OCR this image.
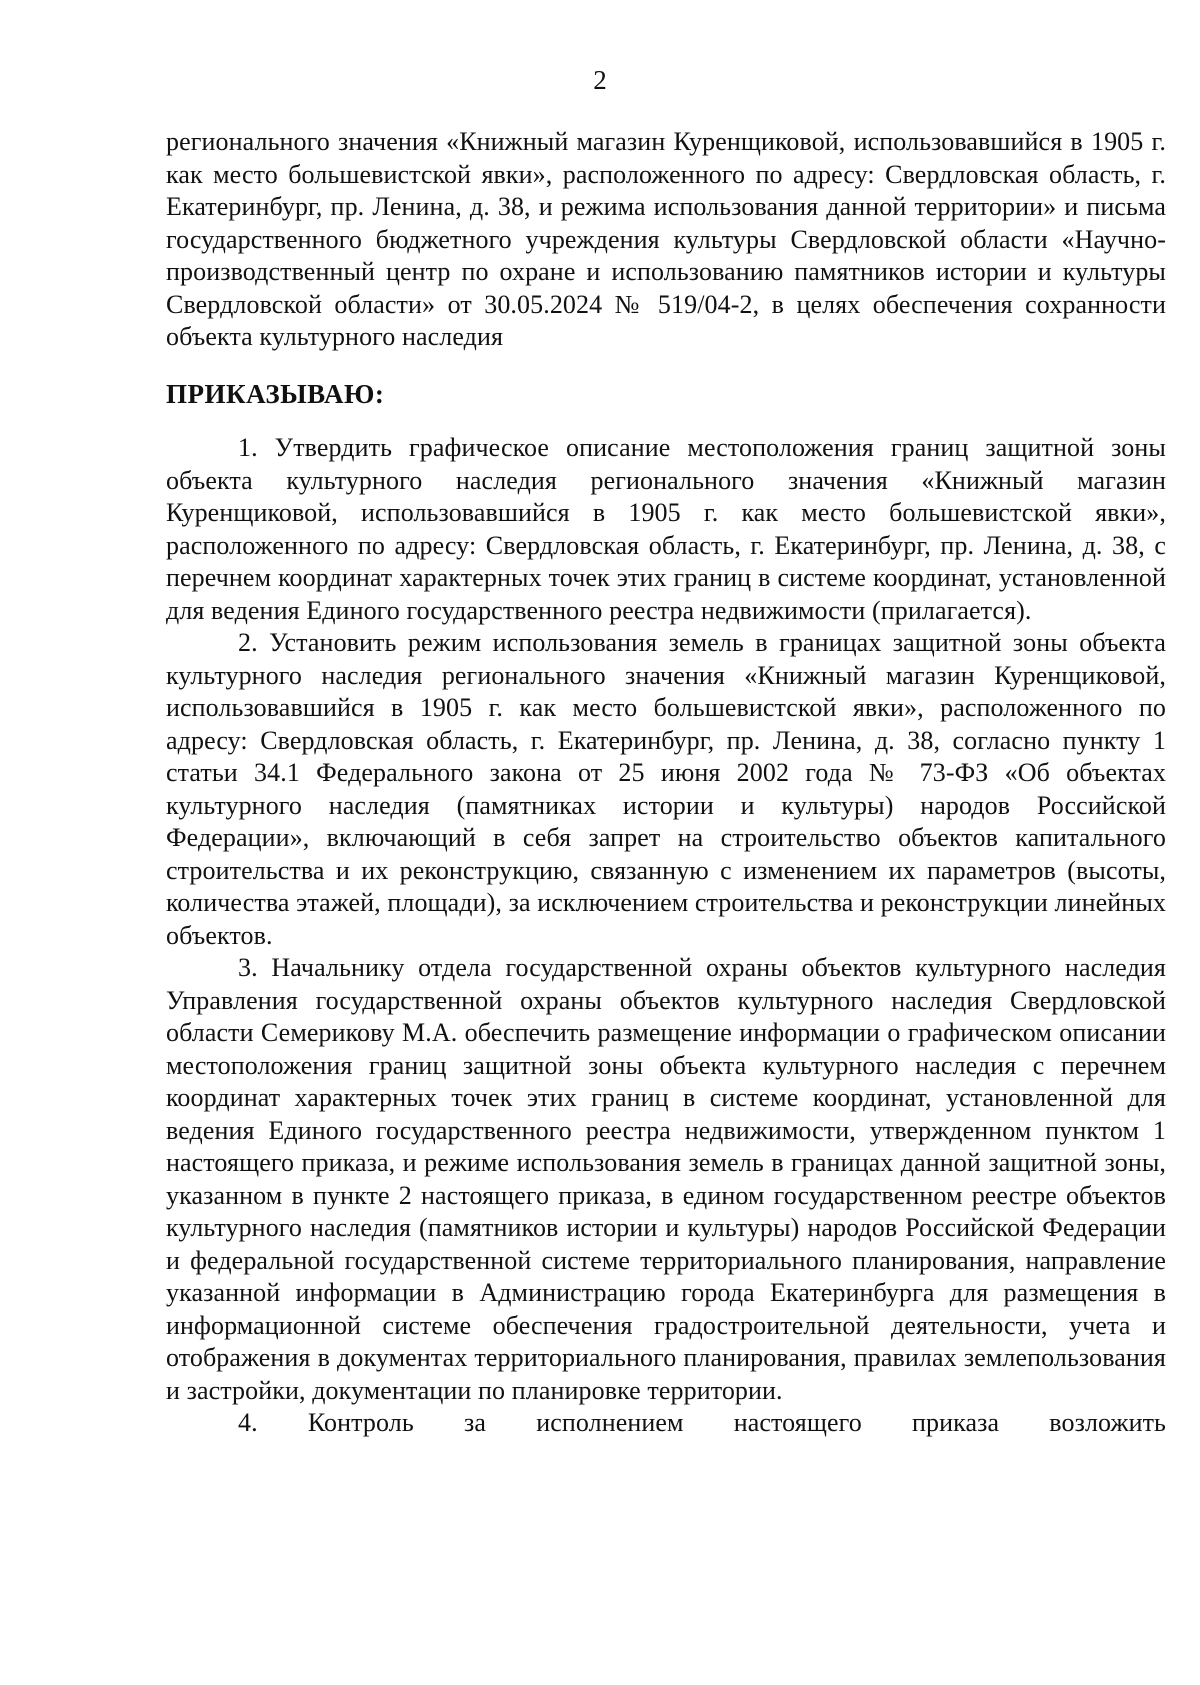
2

регионального значения «Книжный магазин Куренщиковой, использовавшийся в 1905 г. как место большевистской явки», расположенного по адресу: Свердловская область, г. Екатеринбург, пр. Ленина, д. 38, и режима использования данной территории» и письма государственного бюджетного учреждения культуры Свердловской области «Научно-производственный центр по охране и использованию памятников истории и культуры Свердловской области» от 30.05.2024 № 519/04-2, в целях обеспечения сохранности объекта культурного наследия

ПРИКАЗЫВАЮ:

1. Утвердить графическое описание местоположения границ защитной зоны объекта культурного наследия регионального значения «Книжный магазин Куренщиковой, использовавшийся в 1905 г. как место большевистской явки», расположенного по адресу: Свердловская область, г. Екатеринбург, пр. Ленина, д. 38, с перечнем координат характерных точек этих границ в системе координат, установленной для ведения Единого государственного реестра недвижимости (прилагается).

2. Установить режим использования земель в границах защитной зоны объекта культурного наследия регионального значения «Книжный магазин Куренщиковой, использовавшийся в 1905 г. как место большевистской явки», расположенного по адресу: Свердловская область, г. Екатеринбург, пр. Ленина, д. 38, согласно пункту 1 статьи 34.1 Федерального закона от 25 июня 2002 года № 73-ФЗ «Об объектах культурного наследия (памятниках истории и культуры) народов Российской Федерации», включающий в себя запрет на строительство объектов капитального строительства и их реконструкцию, связанную с изменением их параметров (высоты, количества этажей, площади), за исключением строительства и реконструкции линейных объектов.

3. Начальнику отдела государственной охраны объектов культурного наследия Управления государственной охраны объектов культурного наследия Свердловской области Семерикову М.А. обеспечить размещение информации о графическом описании местоположения границ защитной зоны объекта культурного наследия с перечнем координат характерных точек этих границ в системе координат, установленной для ведения Единого государственного реестра недвижимости, утвержденном пунктом 1 настоящего приказа, и режиме использования земель в границах данной защитной зоны, указанном в пункте 2 настоящего приказа, в едином государственном реестре объектов культурного наследия (памятников истории и культуры) народов Российской Федерации и федеральной государственной системе территориального планирования, направление указанной информации в Администрацию города Екатеринбурга для размещения в информационной системе обеспечения градостроительной деятельности, учета и отображения в документах территориального планирования, правилах землепользования и застройки, документации по планировке территории.

4. Контроль за исполнением настоящего приказа возложить
